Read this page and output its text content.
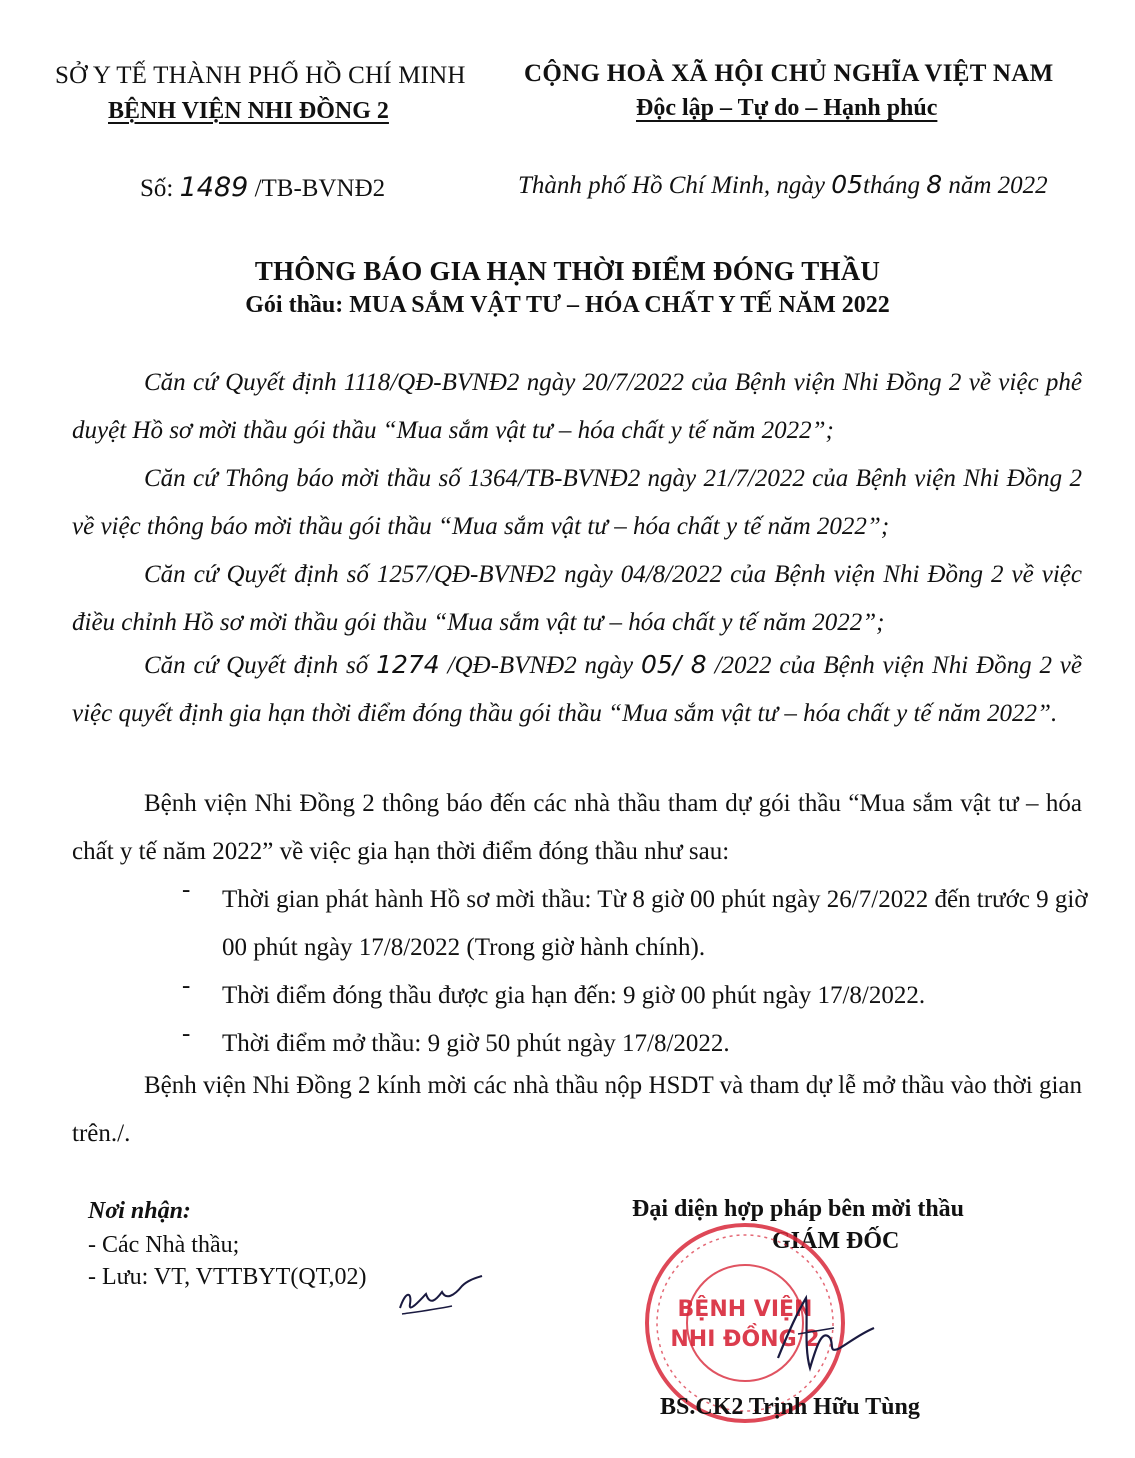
SỞ Y TẾ THÀNH PHỐ HỒ CHÍ MINH
BỆNH VIỆN NHI ĐỒNG 2
CỘNG HOÀ XÃ HỘI CHỦ NGHĨA VIỆT NAM
Độc lập – Tự do – Hạnh phúc
Số: 1489 /TB-BVNĐ2	Thành phố Hồ Chí Minh, ngày 05tháng 8 năm 2022
THÔNG BÁO GIA HẠN THỜI ĐIỂM ĐÓNG THẦU
Gói thầu: MUA SẮM VẬT TƯ – HÓA CHẤT Y TẾ NĂM 2022
Căn cứ Quyết định 1118/QĐ-BVNĐ2 ngày 20/7/2022 của Bệnh viện Nhi Đồng 2 về việc phê duyệt Hồ sơ mời thầu gói thầu “Mua sắm vật tư – hóa chất y tế năm 2022”;
Căn cứ Thông báo mời thầu số 1364/TB-BVNĐ2 ngày 21/7/2022 của Bệnh viện Nhi Đồng 2 về việc thông báo mời thầu gói thầu “Mua sắm vật tư – hóa chất y tế năm 2022”;
Căn cứ Quyết định số 1257/QĐ-BVNĐ2 ngày 04/8/2022 của Bệnh viện Nhi Đồng 2 về việc điều chỉnh Hồ sơ mời thầu gói thầu “Mua sắm vật tư – hóa chất y tế năm 2022”;
Căn cứ Quyết định số 1274 /QĐ-BVNĐ2 ngày 05/ 8 /2022 của Bệnh viện Nhi Đồng 2 về việc quyết định gia hạn thời điểm đóng thầu gói thầu “Mua sắm vật tư – hóa chất y tế năm 2022”.
Bệnh viện Nhi Đồng 2 thông báo đến các nhà thầu tham dự gói thầu “Mua sắm vật tư – hóa chất y tế năm 2022” về việc gia hạn thời điểm đóng thầu như sau:
- Thời gian phát hành Hồ sơ mời thầu: Từ 8 giờ 00 phút ngày 26/7/2022 đến trước 9 giờ 00 phút ngày 17/8/2022 (Trong giờ hành chính).
- Thời điểm đóng thầu được gia hạn đến: 9 giờ 00 phút ngày 17/8/2022.
- Thời điểm mở thầu: 9 giờ 50 phút ngày 17/8/2022.
Bệnh viện Nhi Đồng 2 kính mời các nhà thầu nộp HSDT và tham dự lễ mở thầu vào thời gian trên./.
Nơi nhận:
- Các Nhà thầu;
- Lưu: VT, VTTBYT(QT,02)
Đại diện hợp pháp bên mời thầu
GIÁM ĐỐC
BỆNH VIỆN
NHI ĐỒNG 2
BS.CK2 Trịnh Hữu Tùng
